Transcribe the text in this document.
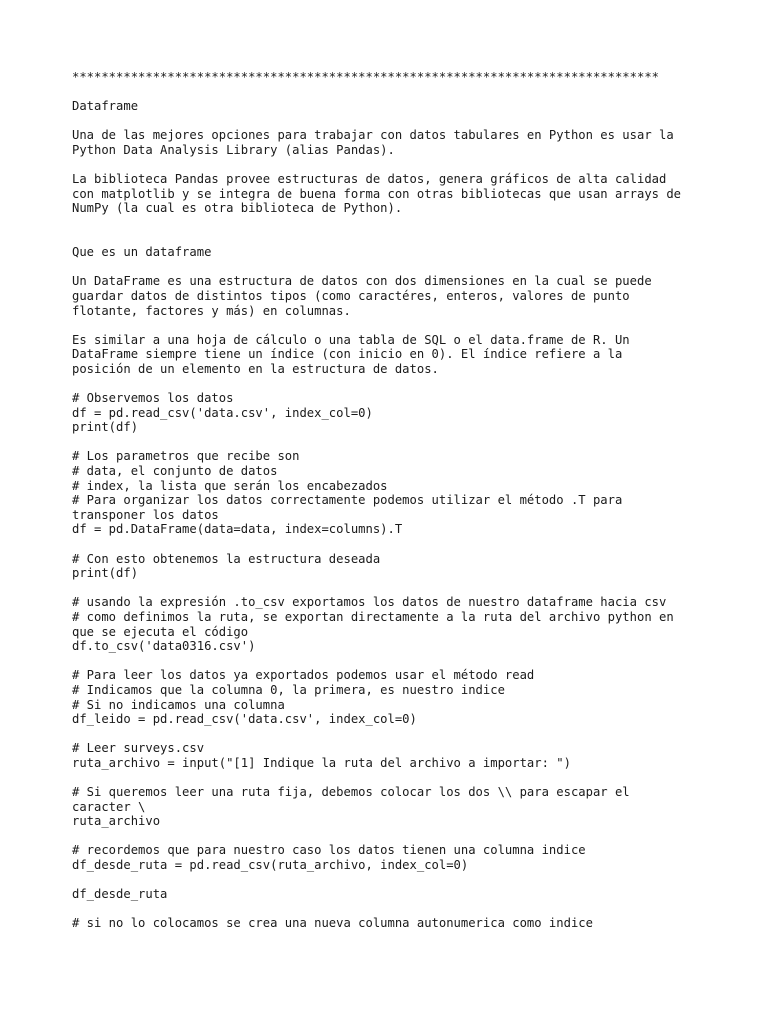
********************************************************************************

Dataframe

Una de las mejores opciones para trabajar con datos tabulares en Python es usar la
Python Data Analysis Library (alias Pandas).

La biblioteca Pandas provee estructuras de datos, genera gráficos de alta calidad
con matplotlib y se integra de buena forma con otras bibliotecas que usan arrays de
NumPy (la cual es otra biblioteca de Python).

Que es un dataframe

Un DataFrame es una estructura de datos con dos dimensiones en la cual se puede
guardar datos de distintos tipos (como caractéres, enteros, valores de punto
flotante, factores y más) en columnas.

Es similar a una hoja de cálculo o una tabla de SQL o el data.frame de R. Un
DataFrame siempre tiene un índice (con inicio en 0). El índice refiere a la
posición de un elemento en la estructura de datos.

# Observemos los datos
df = pd.read_csv('data.csv', index_col=0)
print(df)

# Los parametros que recibe son
# data, el conjunto de datos
# index, la lista que serán los encabezados
# Para organizar los datos correctamente podemos utilizar el método .T para
transponer los datos
df = pd.DataFrame(data=data, index=columns).T

# Con esto obtenemos la estructura deseada
print(df)

# usando la expresión .to_csv exportamos los datos de nuestro dataframe hacia csv
# como definimos la ruta, se exportan directamente a la ruta del archivo python en
que se ejecuta el código
df.to_csv('data0316.csv')

# Para leer los datos ya exportados podemos usar el método read
# Indicamos que la columna 0, la primera, es nuestro indice
# Si no indicamos una columna
df_leido = pd.read_csv('data.csv', index_col=0)

# Leer surveys.csv
ruta_archivo = input("[1] Indique la ruta del archivo a importar: ")

# Si queremos leer una ruta fija, debemos colocar los dos \\ para escapar el
caracter \
ruta_archivo

# recordemos que para nuestro caso los datos tienen una columna indice
df_desde_ruta = pd.read_csv(ruta_archivo, index_col=0)

df_desde_ruta

# si no lo colocamos se crea una nueva columna autonumerica como indice
